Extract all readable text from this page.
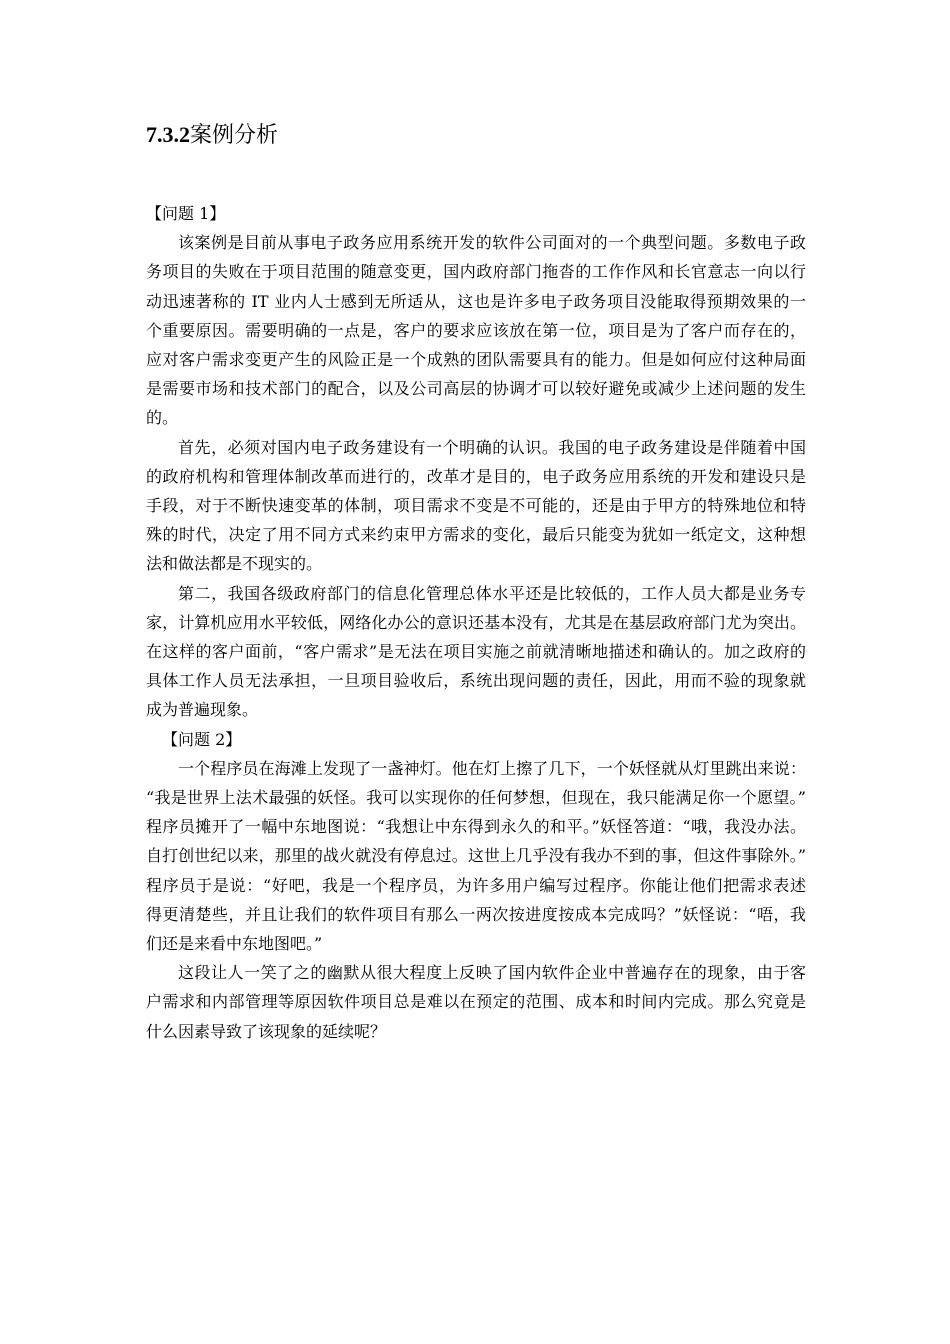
7.3.2案例分析

【问题 1】

该案例是目前从事电子政务应用系统开发的软件公司面对的一个典型问题。多数电子政
务项目的失败在于项目范围的随意变更，国内政府部门拖沓的工作作风和长官意志一向以行
动迅速著称的 IT 业内人士感到无所适从，这也是许多电子政务项目没能取得预期效果的一
个重要原因。需要明确的一点是，客户的要求应该放在第一位，项目是为了客户而存在的，
应对客户需求变更产生的风险正是一个成熟的团队需要具有的能力。但是如何应付这种局面
是需要市场和技术部门的配合，以及公司高层的协调才可以较好避免或减少上述问题的发生
的。

首先，必须对国内电子政务建设有一个明确的认识。我国的电子政务建设是伴随着中国
的政府机构和管理体制改革而进行的，改革才是目的，电子政务应用系统的开发和建设只是
手段，对于不断快速变革的体制，项目需求不变是不可能的，还是由于甲方的特殊地位和特
殊的时代，决定了用不同方式来约束甲方需求的变化，最后只能变为犹如一纸定文，这种想
法和做法都是不现实的。

第二，我国各级政府部门的信息化管理总体水平还是比较低的，工作人员大都是业务专
家，计算机应用水平较低，网络化办公的意识还基本没有，尤其是在基层政府部门尤为突出。
在这样的客户面前，“客户需求”是无法在项目实施之前就清晰地描述和确认的。加之政府的
具体工作人员无法承担，一旦项目验收后，系统出现问题的责任，因此，用而不验的现象就
成为普遍现象。

【问题 2】

一个程序员在海滩上发现了一盏神灯。他在灯上擦了几下，一个妖怪就从灯里跳出来说：
“我是世界上法术最强的妖怪。我可以实现你的任何梦想，但现在，我只能满足你一个愿望。”
程序员摊开了一幅中东地图说：“我想让中东得到永久的和平。”妖怪答道：“哦，我没办法。
自打创世纪以来，那里的战火就没有停息过。这世上几乎没有我办不到的事，但这件事除外。”
程序员于是说：“好吧，我是一个程序员，为许多用户编写过程序。你能让他们把需求表述
得更清楚些，并且让我们的软件项目有那么一两次按进度按成本完成吗？”妖怪说：“唔，我
们还是来看中东地图吧。”

这段让人一笑了之的幽默从很大程度上反映了国内软件企业中普遍存在的现象，由于客
户需求和内部管理等原因软件项目总是难以在预定的范围、成本和时间内完成。那么究竟是
什么因素导致了该现象的延续呢？
